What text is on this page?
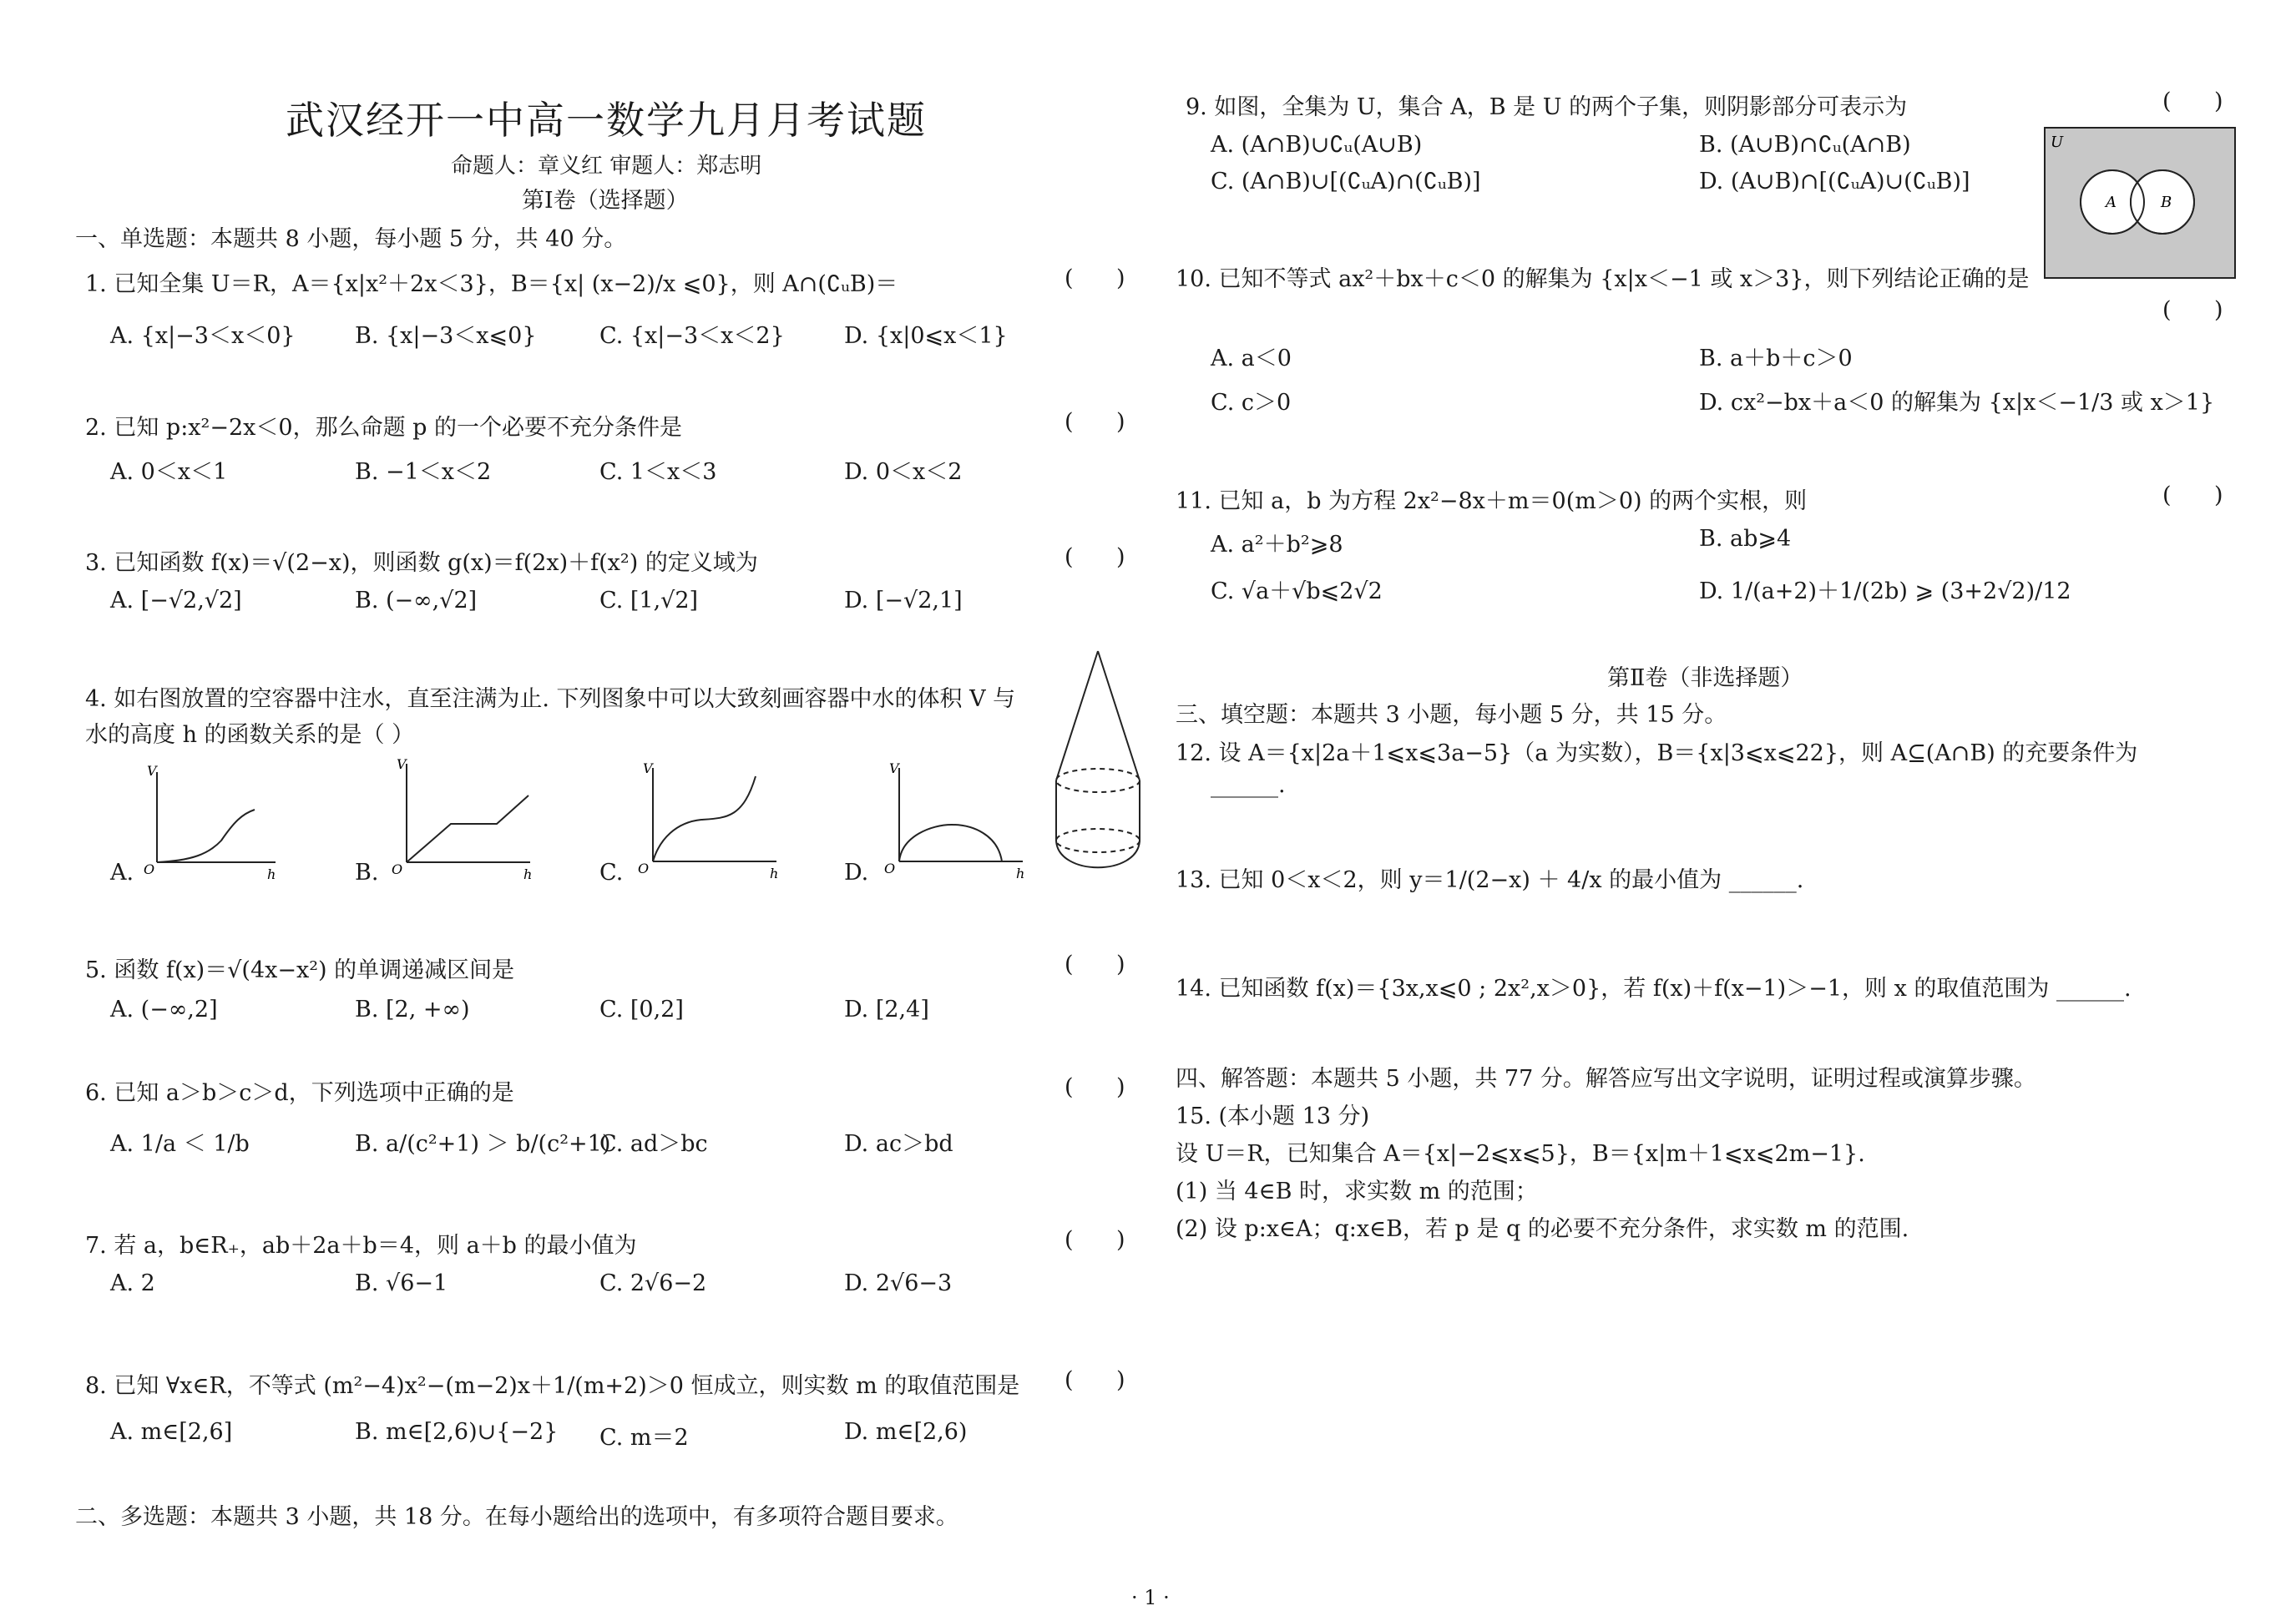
武汉经开一中高一数学九月月考试题
命题人：章义红 审题人：郑志明
第Ⅰ卷（选择题）
一、单选题：本题共 8 小题，每小题 5 分，共 40 分。
1. 已知全集 U＝R，A＝{x|x²＋2x＜3}，B＝{x| (x−2)/x ⩽0}，则 A∩(∁ᵤB)＝	(      )
A. {x|−3＜x＜0}	B. {x|−3＜x⩽0}	C. {x|−3＜x＜2}	D. {x|0⩽x＜1}
2. 已知 p:x²−2x＜0，那么命题 p 的一个必要不充分条件是	(      )
A. 0＜x＜1	B. −1＜x＜2	C. 1＜x＜3	D. 0＜x＜2
3. 已知函数 f(x)＝√(2−x)，则函数 g(x)＝f(2x)＋f(x²) 的定义域为	(      )
A. [−√2,√2]	B. (−∞,√2]	C. [1,√2]	D. [−√2,1]
4. 如右图放置的空容器中注水，直至注满为止. 下列图象中可以大致刻画容器中水的体积 V 与
水的高度 h 的函数关系的是（ ）
A.	B.	C.	D.
V
h
O
V
h
O
V
h
O
V
h
O
5. 函数 f(x)＝√(4x−x²) 的单调递减区间是	(      )
A. (−∞,2]	B. [2, +∞)	C. [0,2]	D. [2,4]
6. 已知 a＞b＞c＞d，下列选项中正确的是	(      )
A. 1/a ＜ 1/b	B. a/(c²+1) ＞ b/(c²+1)
C. ad＞bc	D. ac＞bd
7. 若 a，b∈R₊，ab＋2a＋b＝4，则 a＋b 的最小值为	(      )
A. 2	B. √6−1	C. 2√6−2	D. 2√6−3
8. 已知 ∀x∈R，不等式 (m²−4)x²−(m−2)x＋1/(m+2)＞0 恒成立，则实数 m 的取值范围是 (      )
A. m∈[2,6]	B. m∈[2,6)∪{−2} C. m＝2	D. m∈[2,6)
二、多选题：本题共 3 小题，共 18 分。在每小题给出的选项中，有多项符合题目要求。
9. 如图，全集为 U，集合 A，B 是 U 的两个子集，则阴影部分可表示为	(      )
A. (A∩B)∪∁ᵤ(A∪B)	B. (A∪B)∩∁ᵤ(A∩B)
C. (A∩B)∪[(∁ᵤA)∩(∁ᵤB)]	D. (A∪B)∩[(∁ᵤA)∪(∁ᵤB)]
U
A	B
10. 已知不等式 ax²＋bx＋c＜0 的解集为 {x|x＜−1 或 x＞3}，则下列结论正确的是
(      )
A. a＜0	B. a＋b＋c＞0
C. c＞0	D. cx²−bx＋a＜0 的解集为 {x|x＜−1/3 或 x＞1}
11. 已知 a，b 为方程 2x²−8x＋m＝0(m＞0) 的两个实根，则	(      )
A. a²＋b²⩾8	B. ab⩾4
C. √a＋√b⩽2√2	D. 1/(a+2)＋1/(2b) ⩾ (3+2√2)/12
第Ⅱ卷（非选择题）
三、填空题：本题共 3 小题，每小题 5 分，共 15 分。
12. 设 A＝{x|2a＋1⩽x⩽3a−5}（a 为实数），B＝{x|3⩽x⩽22}，则 A⊆(A∩B) 的充要条件为
______.
13. 已知 0＜x＜2，则 y＝1/(2−x) ＋ 4/x 的最小值为 ______.
14. 已知函数 f(x)＝{3x,x⩽0 ; 2x²,x＞0}，若 f(x)＋f(x−1)＞−1，则 x 的取值范围为 ______.
四、解答题：本题共 5 小题，共 77 分。解答应写出文字说明，证明过程或演算步骤。
15. (本小题 13 分)
设 U＝R，已知集合 A＝{x|−2⩽x⩽5}，B＝{x|m＋1⩽x⩽2m−1}.
(1) 当 4∈B 时，求实数 m 的范围；
(2) 设 p:x∈A；q:x∈B，若 p 是 q 的必要不充分条件，求实数 m 的范围.
· 1 ·
